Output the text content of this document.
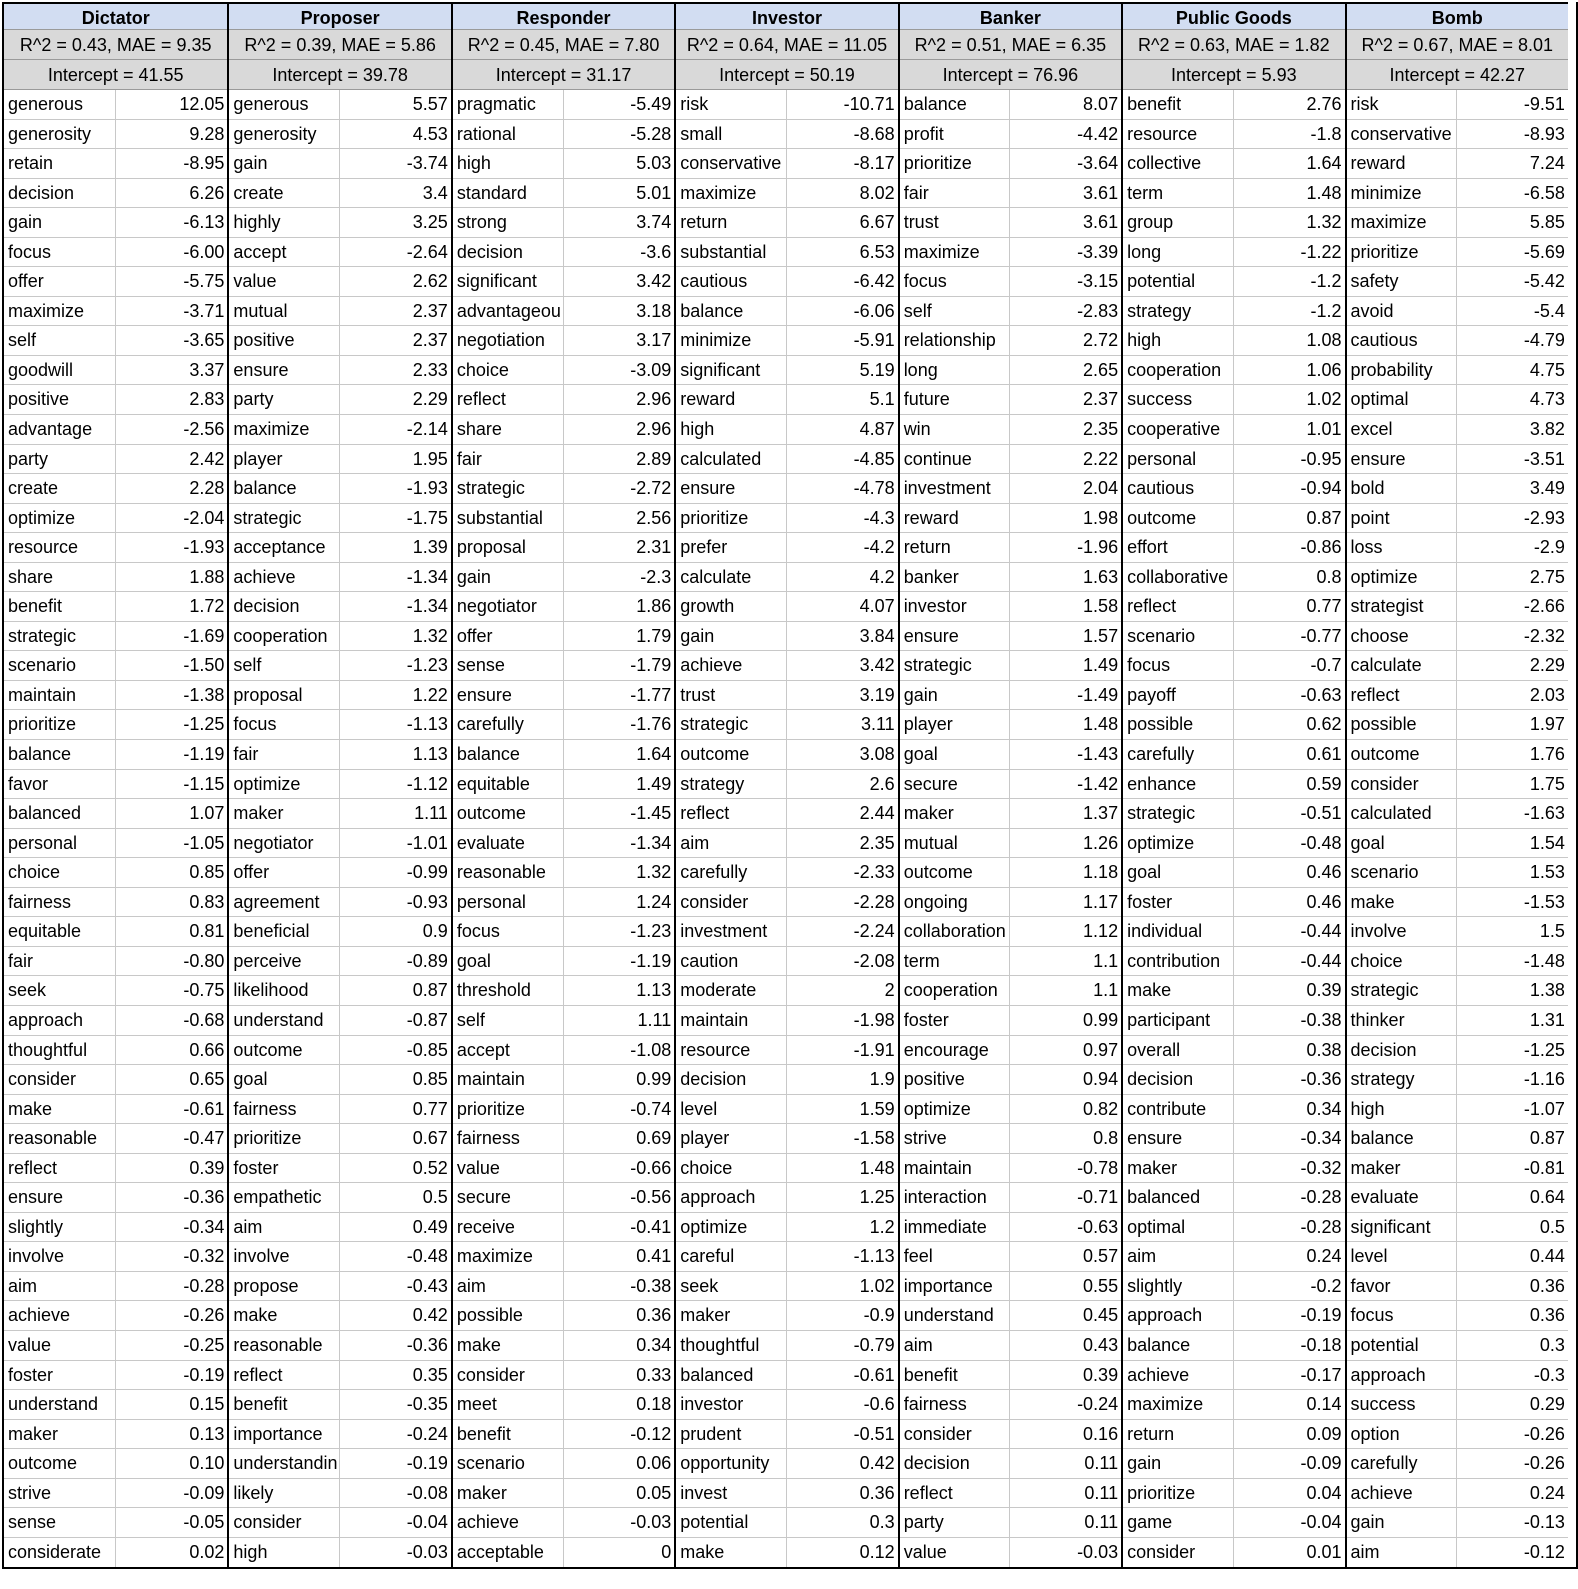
Dictator
R^2 = 0.43, MAE = 9.35
Intercept = 41.55
generous	12.05
generosity	9.28
retain	-8.95
decision	6.26
gain	-6.13
focus	-6.00
offer	-5.75
maximize	-3.71
self	-3.65
goodwill	3.37
positive	2.83
advantage	-2.56
party	2.42
create	2.28
optimize	-2.04
resource	-1.93
share	1.88
benefit	1.72
strategic	-1.69
scenario	-1.50
maintain	-1.38
prioritize	-1.25
balance	-1.19
favor	-1.15
balanced	1.07
personal	-1.05
choice	0.85
fairness	0.83
equitable	0.81
fair	-0.80
seek	-0.75
approach	-0.68
thoughtful	0.66
consider	0.65
make	-0.61
reasonable	-0.47
reflect	0.39
ensure	-0.36
slightly	-0.34
involve	-0.32
aim	-0.28
achieve	-0.26
value	-0.25
foster	-0.19
understand	0.15
maker	0.13
outcome	0.10
strive	-0.09
sense	-0.05
considerate	0.02
Proposer
R^2 = 0.39, MAE = 5.86
Intercept = 39.78
generous	5.57
generosity	4.53
gain	-3.74
create	3.4
highly	3.25
accept	-2.64
value	2.62
mutual	2.37
positive	2.37
ensure	2.33
party	2.29
maximize	-2.14
player	1.95
balance	-1.93
strategic	-1.75
acceptance	1.39
achieve	-1.34
decision	-1.34
cooperation	1.32
self	-1.23
proposal	1.22
focus	-1.13
fair	1.13
optimize	-1.12
maker	1.11
negotiator	-1.01
offer	-0.99
agreement	-0.93
beneficial	0.9
perceive	-0.89
likelihood	0.87
understand	-0.87
outcome	-0.85
goal	0.85
fairness	0.77
prioritize	0.67
foster	0.52
empathetic	0.5
aim	0.49
involve	-0.48
propose	-0.43
make	0.42
reasonable	-0.36
reflect	0.35
benefit	-0.35
importance	-0.24
understandin	-0.19
likely	-0.08
consider	-0.04
high	-0.03
Responder
R^2 = 0.45, MAE = 7.80
Intercept = 31.17
pragmatic	-5.49
rational	-5.28
high	5.03
standard	5.01
strong	3.74
decision	-3.6
significant	3.42
advantageou	3.18
negotiation	3.17
choice	-3.09
reflect	2.96
share	2.96
fair	2.89
strategic	-2.72
substantial	2.56
proposal	2.31
gain	-2.3
negotiator	1.86
offer	1.79
sense	-1.79
ensure	-1.77
carefully	-1.76
balance	1.64
equitable	1.49
outcome	-1.45
evaluate	-1.34
reasonable	1.32
personal	1.24
focus	-1.23
goal	-1.19
threshold	1.13
self	1.11
accept	-1.08
maintain	0.99
prioritize	-0.74
fairness	0.69
value	-0.66
secure	-0.56
receive	-0.41
maximize	0.41
aim	-0.38
possible	0.36
make	0.34
consider	0.33
meet	0.18
benefit	-0.12
scenario	0.06
maker	0.05
achieve	-0.03
acceptable	0
Investor
R^2 = 0.64, MAE = 11.05
Intercept = 50.19
risk	-10.71
small	-8.68
conservative	-8.17
maximize	8.02
return	6.67
substantial	6.53
cautious	-6.42
balance	-6.06
minimize	-5.91
significant	5.19
reward	5.1
high	4.87
calculated	-4.85
ensure	-4.78
prioritize	-4.3
prefer	-4.2
calculate	4.2
growth	4.07
gain	3.84
achieve	3.42
trust	3.19
strategic	3.11
outcome	3.08
strategy	2.6
reflect	2.44
aim	2.35
carefully	-2.33
consider	-2.28
investment	-2.24
caution	-2.08
moderate	2
maintain	-1.98
resource	-1.91
decision	1.9
level	1.59
player	-1.58
choice	1.48
approach	1.25
optimize	1.2
careful	-1.13
seek	1.02
maker	-0.9
thoughtful	-0.79
balanced	-0.61
investor	-0.6
prudent	-0.51
opportunity	0.42
invest	0.36
potential	0.3
make	0.12
Banker
R^2 = 0.51, MAE = 6.35
Intercept = 76.96
balance	8.07
profit	-4.42
prioritize	-3.64
fair	3.61
trust	3.61
maximize	-3.39
focus	-3.15
self	-2.83
relationship	2.72
long	2.65
future	2.37
win	2.35
continue	2.22
investment	2.04
reward	1.98
return	-1.96
banker	1.63
investor	1.58
ensure	1.57
strategic	1.49
gain	-1.49
player	1.48
goal	-1.43
secure	-1.42
maker	1.37
mutual	1.26
outcome	1.18
ongoing	1.17
collaboration	1.12
term	1.1
cooperation	1.1
foster	0.99
encourage	0.97
positive	0.94
optimize	0.82
strive	0.8
maintain	-0.78
interaction	-0.71
immediate	-0.63
feel	0.57
importance	0.55
understand	0.45
aim	0.43
benefit	0.39
fairness	-0.24
consider	0.16
decision	0.11
reflect	0.11
party	0.11
value	-0.03
Public Goods
R^2 = 0.63, MAE = 1.82
Intercept = 5.93
benefit	2.76
resource	-1.8
collective	1.64
term	1.48
group	1.32
long	-1.22
potential	-1.2
strategy	-1.2
high	1.08
cooperation	1.06
success	1.02
cooperative	1.01
personal	-0.95
cautious	-0.94
outcome	0.87
effort	-0.86
collaborative	0.8
reflect	0.77
scenario	-0.77
focus	-0.7
payoff	-0.63
possible	0.62
carefully	0.61
enhance	0.59
strategic	-0.51
optimize	-0.48
goal	0.46
foster	0.46
individual	-0.44
contribution	-0.44
make	0.39
participant	-0.38
overall	0.38
decision	-0.36
contribute	0.34
ensure	-0.34
maker	-0.32
balanced	-0.28
optimal	-0.28
aim	0.24
slightly	-0.2
approach	-0.19
balance	-0.18
achieve	-0.17
maximize	0.14
return	0.09
gain	-0.09
prioritize	0.04
game	-0.04
consider	0.01
Bomb
R^2 = 0.67, MAE = 8.01
Intercept = 42.27
risk	-9.51
conservative	-8.93
reward	7.24
minimize	-6.58
maximize	5.85
prioritize	-5.69
safety	-5.42
avoid	-5.4
cautious	-4.79
probability	4.75
optimal	4.73
excel	3.82
ensure	-3.51
bold	3.49
point	-2.93
loss	-2.9
optimize	2.75
strategist	-2.66
choose	-2.32
calculate	2.29
reflect	2.03
possible	1.97
outcome	1.76
consider	1.75
calculated	-1.63
goal	1.54
scenario	1.53
make	-1.53
involve	1.5
choice	-1.48
strategic	1.38
thinker	1.31
decision	-1.25
strategy	-1.16
high	-1.07
balance	0.87
maker	-0.81
evaluate	0.64
significant	0.5
level	0.44
favor	0.36
focus	0.36
potential	0.3
approach	-0.3
success	0.29
option	-0.26
carefully	-0.26
achieve	0.24
gain	-0.13
aim	-0.12
